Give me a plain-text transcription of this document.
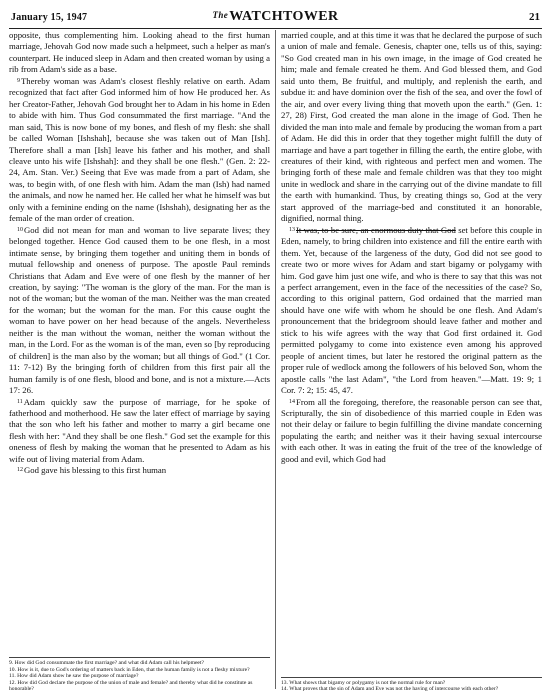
January 15, 1947	TheWATCHTOWER	21

opposite, thus complementing him. Looking ahead to the first human marriage, Jehovah God now made such a helpmeet, such a helper as man's counterpart. He induced sleep in Adam and then created woman by using a rib from Adam's side as a base.

$^9$Thereby woman was Adam's closest fleshly relative on earth. Adam recognized that fact after God informed him of how He produced her. As her Creator-Father, Jehovah God brought her to Adam in his home in Eden to abide with him. Thus God consummated the first marriage. "And the man said, This is now bone of my bones, and flesh of my flesh: she shall be called Woman [Ishshah], because she was taken out of Man [Ish]. Therefore shall a man [Ish] leave his father and his mother, and shall cleave unto his wife [Ishshah]: and they shall be one flesh." (Gen. 2: 22-24, Am. Stan. Ver.) Seeing that Eve was made from a part of Adam, she was, to begin with, of one flesh with him. Adam the man (Ish) had named the animals, and now he named her. He called her what he himself was but only with a feminine ending on the name (Ishshah), designating her as the female of the man order of creation.

$^{10}$God did not mean for man and woman to live separate lives; they belonged together. Hence God caused them to be one flesh, in a most intimate sense, by bringing them together and uniting them in bonds of mutual fellowship and oneness of purpose. The apostle Paul reminds Christians that Adam and Eve were of one flesh by the manner of her creation, by saying: "The woman is the glory of the man. For the man is not of the woman; but the woman of the man. Neither was the man created for the woman; but the woman for the man. For this cause ought the woman to have power on her head because of the angels. Nevertheless neither is the man without the woman, neither the woman without the man, in the Lord. For as the woman is of the man, even so [by reproducing of children] is the man also by the woman; but all things of God." (1 Cor. 11: 7-12) By the bringing forth of children from this first pair all the human family is of one flesh, blood and bone, and is not a mixture.—Acts 17: 26.

$^{11}$Adam quickly saw the purpose of marriage, for he spoke of fatherhood and motherhood. He saw the later effect of marriage by saying that the son who left his father and mother to marry a girl became one flesh with her: "And they shall be one flesh." God set the example for this oneness of flesh by making the woman that he presented to Adam as his wife out of living material from Adam.

$^{12}$God gave his blessing to this first human

9. How did God consummate the first marriage? and what did Adam call his helpmeet?
10. How is it, due to God's ordering of matters back in Eden, that the human family is not a fleshy mixture?
11. How did Adam show he saw the purpose of marriage?
12. How did God declare the purpose of the union of male and female? and thereby what did he constitute as honorable?

married couple, and at this time it was that he declared the purpose of such a union of male and female. Genesis, chapter one, tells us of this, saying: "So God created man in his own image, in the image of God created he him; male and female created he them. And God blessed them, and God said unto them, Be fruitful, and multiply, and replenish the earth, and subdue it: and have dominion over the fish of the sea, and over the fowl of the air, and over every living thing that moveth upon the earth." (Gen. 1: 27, 28) First, God created the man alone in the image of God. Then he divided the man into male and female by producing the woman from a part of Adam. He did this in order that they together might fulfill the duty of marriage and have a part together in filling the earth, the entire globe, with creatures of their kind, with righteous and perfect men and women. The bringing forth of these male and female children was that they too might unite in wedlock and share in the carrying out of the divine mandate to fill the earth with humankind. Thus, by creating things so, God at the very start approved of the marriage-bed and constituted it an honorable, dignified, normal thing.

$^{13}$It was, to be sure, an enormous duty that God set before this couple in Eden, namely, to bring children into existence and fill the entire earth with them. Yet, because of the largeness of the duty, God did not see good to create two or more wives for Adam and start bigamy or polygamy with him. God gave him just one wife, and who is there to say that this was not a perfect arrangement, even in the face of the necessities of the case? So, according to this original pattern, God ordained that the married man should have one wife with whom he should be one flesh. And Adam's pronouncement that the bridegroom should leave father and mother and stick to his wife agrees with the way that God first ordained it. God permitted polygamy to come into existence even among his approved people of ancient times, but later he restored the original pattern as the proper rule of wedlock among the followers of his beloved Son, whom the apostle calls "the last Adam", "the Lord from heaven."—Matt. 19: 9; 1 Cor. 7: 2; 15: 45, 47.

$^{14}$From all the foregoing, therefore, the reasonable person can see that, Scripturally, the sin of disobedience of this married couple in Eden was not their delay or failure to begin fulfilling the divine mandate concerning populating the earth; and neither was it their having sexual intercourse with each other. It was in eating the fruit of the tree of the knowledge of good and evil, which God had

13. What shows that bigamy or polygamy is not the normal rule for man?
14. What proves that the sin of Adam and Eve was not the having of intercourse with each other?
